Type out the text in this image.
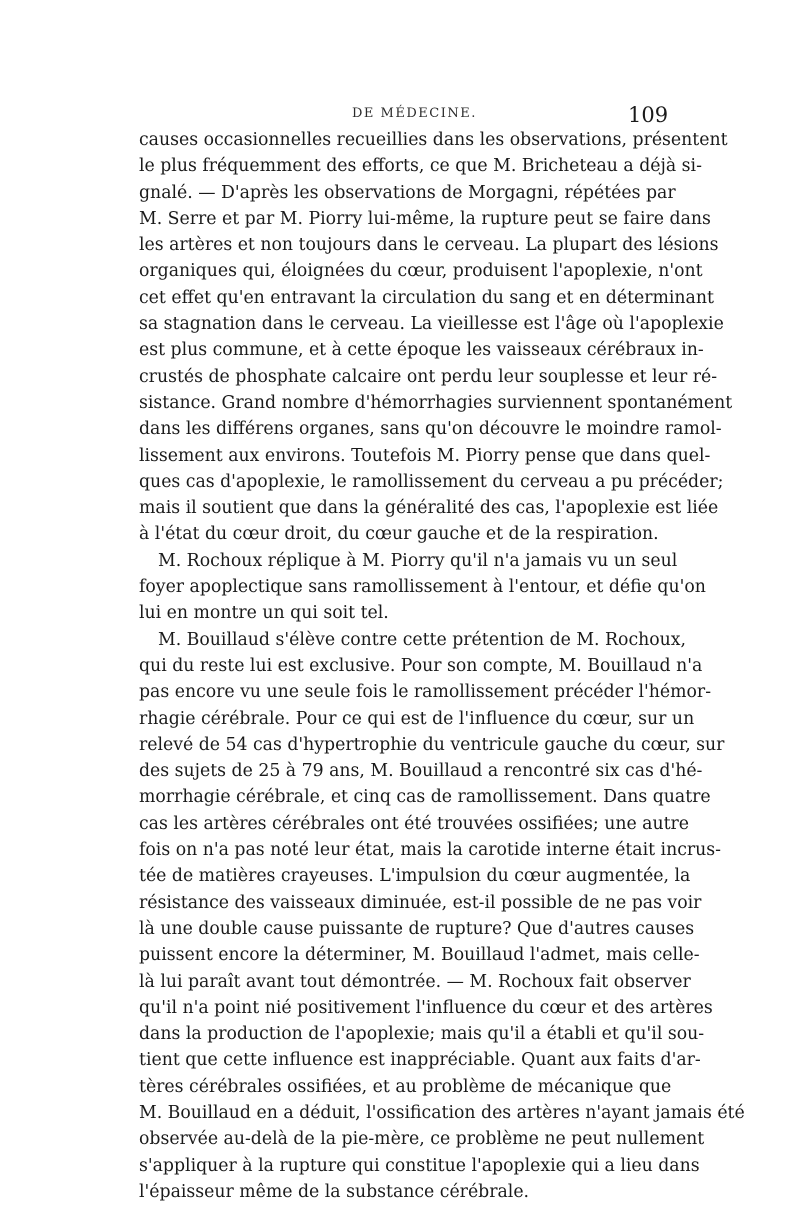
DE MÉDECINE.	109
causes occasionnelles recueillies dans les observations, présentent
le plus fréquemment des efforts, ce que M. Bricheteau a déjà si-
gnalé. — D'après les observations de Morgagni, répétées par
M. Serre et par M. Piorry lui-même, la rupture peut se faire dans
les artères et non toujours dans le cerveau. La plupart des lésions
organiques qui, éloignées du cœur, produisent l'apoplexie, n'ont
cet effet qu'en entravant la circulation du sang et en déterminant
sa stagnation dans le cerveau. La vieillesse est l'âge où l'apoplexie
est plus commune, et à cette époque les vaisseaux cérébraux in-
crustés de phosphate calcaire ont perdu leur souplesse et leur ré-
sistance. Grand nombre d'hémorrhagies surviennent spontanément
dans les différens organes, sans qu'on découvre le moindre ramol-
lissement aux environs. Toutefois M. Piorry pense que dans quel-
ques cas d'apoplexie, le ramollissement du cerveau a pu précéder;
mais il soutient que dans la généralité des cas, l'apoplexie est liée
à l'état du cœur droit, du cœur gauche et de la respiration.
M. Rochoux réplique à M. Piorry qu'il n'a jamais vu un seul
foyer apoplectique sans ramollissement à l'entour, et défie qu'on
lui en montre un qui soit tel.
M. Bouillaud s'élève contre cette prétention de M. Rochoux,
qui du reste lui est exclusive. Pour son compte, M. Bouillaud n'a
pas encore vu une seule fois le ramollissement précéder l'hémor-
rhagie cérébrale. Pour ce qui est de l'influence du cœur, sur un
relevé de 54 cas d'hypertrophie du ventricule gauche du cœur, sur
des sujets de 25 à 79 ans, M. Bouillaud a rencontré six cas d'hé-
morrhagie cérébrale, et cinq cas de ramollissement. Dans quatre
cas les artères cérébrales ont été trouvées ossifiées; une autre
fois on n'a pas noté leur état, mais la carotide interne était incrus-
tée de matières crayeuses. L'impulsion du cœur augmentée, la
résistance des vaisseaux diminuée, est-il possible de ne pas voir
là une double cause puissante de rupture? Que d'autres causes
puissent encore la déterminer, M. Bouillaud l'admet, mais celle-
là lui paraît avant tout démontrée. — M. Rochoux fait observer
qu'il n'a point nié positivement l'influence du cœur et des artères
dans la production de l'apoplexie; mais qu'il a établi et qu'il sou-
tient que cette influence est inappréciable. Quant aux faits d'ar-
tères cérébrales ossifiées, et au problème de mécanique que
M. Bouillaud en a déduit, l'ossification des artères n'ayant jamais été
observée au-delà de la pie-mère, ce problème ne peut nullement
s'appliquer à la rupture qui constitue l'apoplexie qui a lieu dans
l'épaisseur même de la substance cérébrale.
